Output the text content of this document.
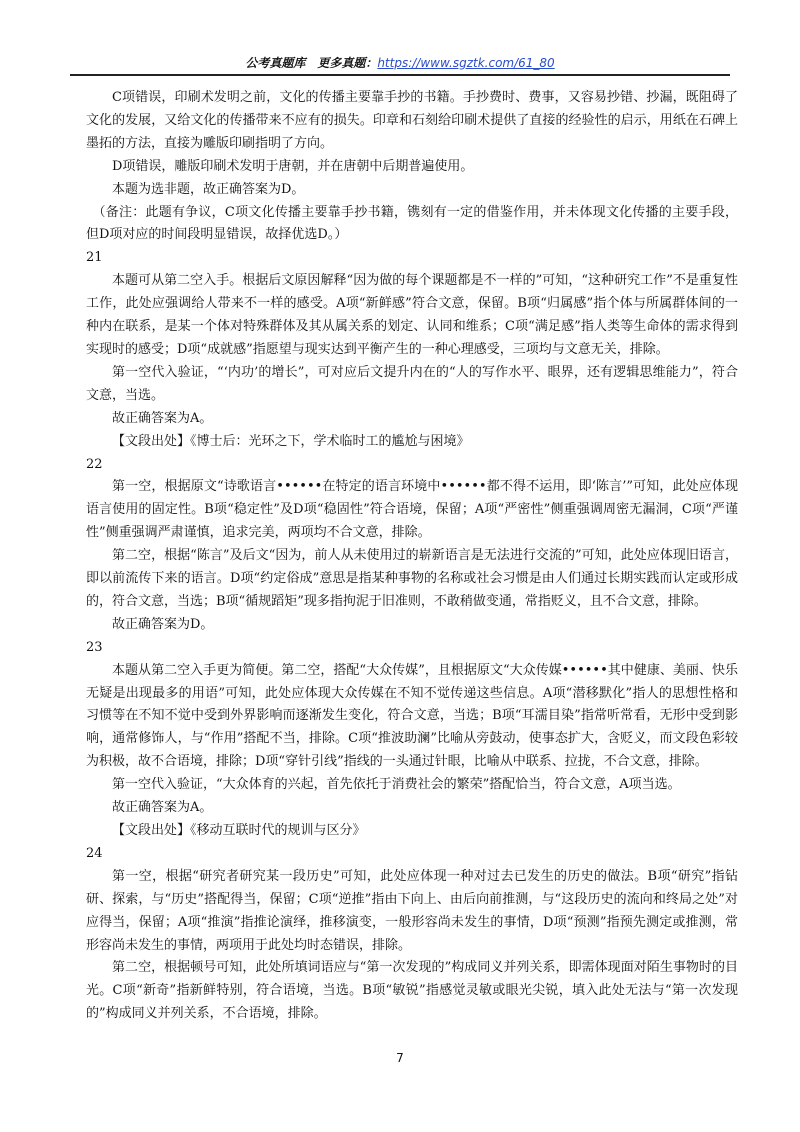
公考真题库　更多真题：https://www.sgztk.com/61_80

C项错误，印刷术发明之前，文化的传播主要靠手抄的书籍。手抄费时、费事，又容易抄错、抄漏，既阻碍了文化的发展，又给文化的传播带来不应有的损失。印章和石刻给印刷术提供了直接的经验性的启示，用纸在石碑上墨拓的方法，直接为雕版印刷指明了方向。

D项错误，雕版印刷术发明于唐朝，并在唐朝中后期普遍使用。

本题为选非题，故正确答案为D。

（备注：此题有争议，C项文化传播主要靠手抄书籍，镌刻有一定的借鉴作用，并未体现文化传播的主要手段，但D项对应的时间段明显错误，故择优选D。）

21

本题可从第二空入手。根据后文原因解释“因为做的每个课题都是不一样的”可知，“这种研究工作”不是重复性工作，此处应强调给人带来不一样的感受。A项“新鲜感”符合文意，保留。B项“归属感”指个体与所属群体间的一种内在联系，是某一个体对特殊群体及其从属关系的划定、认同和维系；C项“满足感”指人类等生命体的需求得到实现时的感受；D项“成就感”指愿望与现实达到平衡产生的一种心理感受，三项均与文意无关，排除。

第一空代入验证，“‘内功’的增长”，可对应后文提升内在的“人的写作水平、眼界，还有逻辑思维能力”，符合文意，当选。

故正确答案为A。

【文段出处】《博士后：光环之下，学术临时工的尴尬与困境》

22

第一空，根据原文“诗歌语言••••••在特定的语言环境中••••••都不得不运用，即‘陈言’”可知，此处应体现语言使用的固定性。B项“稳定性”及D项“稳固性”符合语境，保留；A项“严密性”侧重强调周密无漏洞，C项“严谨性”侧重强调严肃谨慎，追求完美，两项均不合文意，排除。

第二空，根据“陈言”及后文“因为，前人从未使用过的崭新语言是无法进行交流的”可知，此处应体现旧语言，即以前流传下来的语言。D项“约定俗成”意思是指某种事物的名称或社会习惯是由人们通过长期实践而认定或形成的，符合文意，当选；B项“循规蹈矩”现多指拘泥于旧准则，不敢稍做变通，常指贬义，且不合文意，排除。

故正确答案为D。

23

本题从第二空入手更为简便。第二空，搭配“大众传媒”，且根据原文“大众传媒••••••其中健康、美丽、快乐无疑是出现最多的用语”可知，此处应体现大众传媒在不知不觉传递这些信息。A项“潜移默化”指人的思想性格和习惯等在不知不觉中受到外界影响而逐渐发生变化，符合文意，当选；B项“耳濡目染”指常听常看，无形中受到影响，通常修饰人，与“作用”搭配不当，排除。C项“推波助澜”比喻从旁鼓动，使事态扩大，含贬义，而文段色彩较为积极，故不合语境，排除；D项“穿针引线”指线的一头通过针眼，比喻从中联系、拉拢，不合文意，排除。

第一空代入验证，“大众体育的兴起，首先依托于消费社会的繁荣”搭配恰当，符合文意，A项当选。

故正确答案为A。

【文段出处】《移动互联时代的规训与区分》

24

第一空，根据“研究者研究某一段历史”可知，此处应体现一种对过去已发生的历史的做法。B项“研究”指钻研、探索，与“历史”搭配得当，保留；C项“逆推”指由下向上、由后向前推测，与“这段历史的流向和终局之处”对应得当，保留；A项“推演”指推论演绎，推移演变，一般形容尚未发生的事情，D项“预测”指预先测定或推测，常形容尚未发生的事情，两项用于此处均时态错误，排除。

第二空，根据顿号可知，此处所填词语应与“第一次发现的”构成同义并列关系，即需体现面对陌生事物时的目光。C项“新奇”指新鲜特别，符合语境，当选。B项“敏锐”指感觉灵敏或眼光尖锐，填入此处无法与“第一次发现的”构成同义并列关系，不合语境，排除。

7
